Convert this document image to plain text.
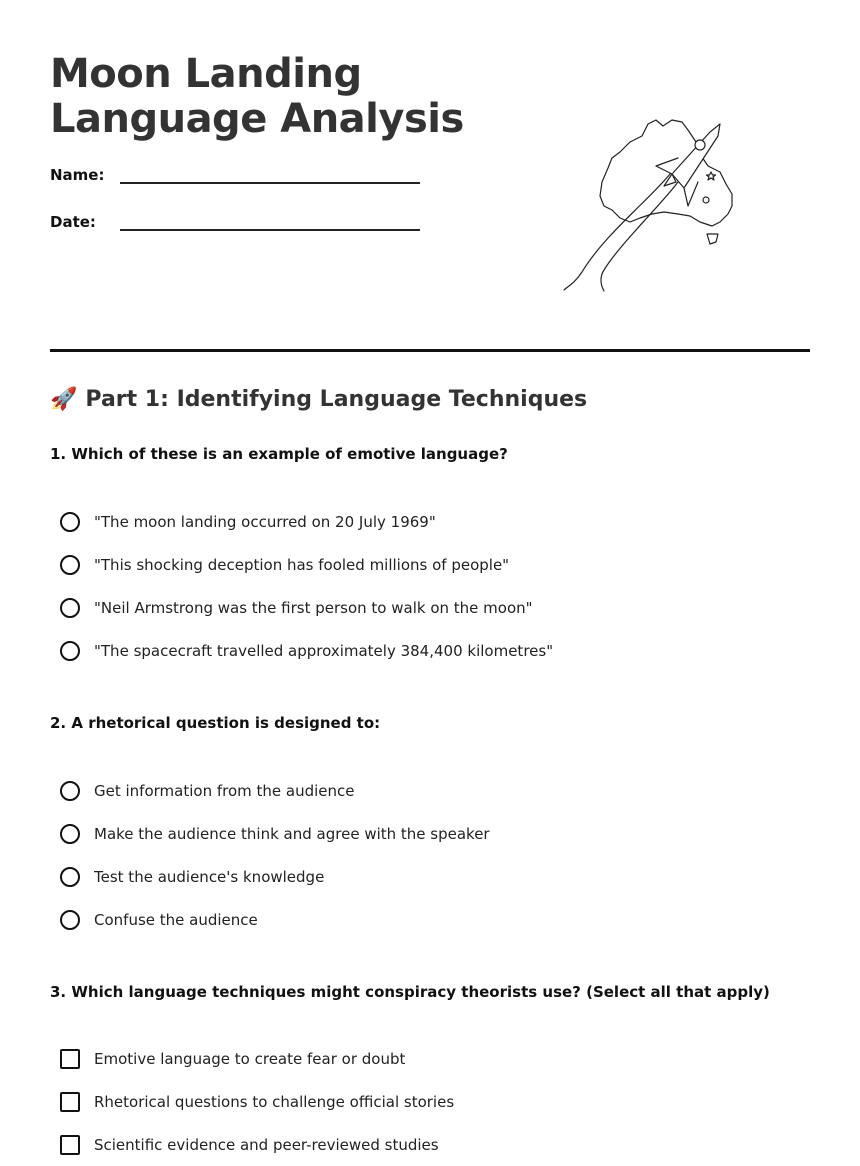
Moon Landing
Language Analysis
Name:
Date:
🚀 Part 1: Identifying Language Techniques

1. Which of these is an example of emotive language?

"The moon landing occurred on 20 July 1969"
"This shocking deception has fooled millions of people"
"Neil Armstrong was the first person to walk on the moon"
"The spacecraft travelled approximately 384,400 kilometres"

2. A rhetorical question is designed to:

Get information from the audience
Make the audience think and agree with the speaker
Test the audience's knowledge
Confuse the audience

3. Which language techniques might conspiracy theorists use? (Select all that apply)

Emotive language to create fear or doubt
Rhetorical questions to challenge official stories
Scientific evidence and peer-reviewed studies
